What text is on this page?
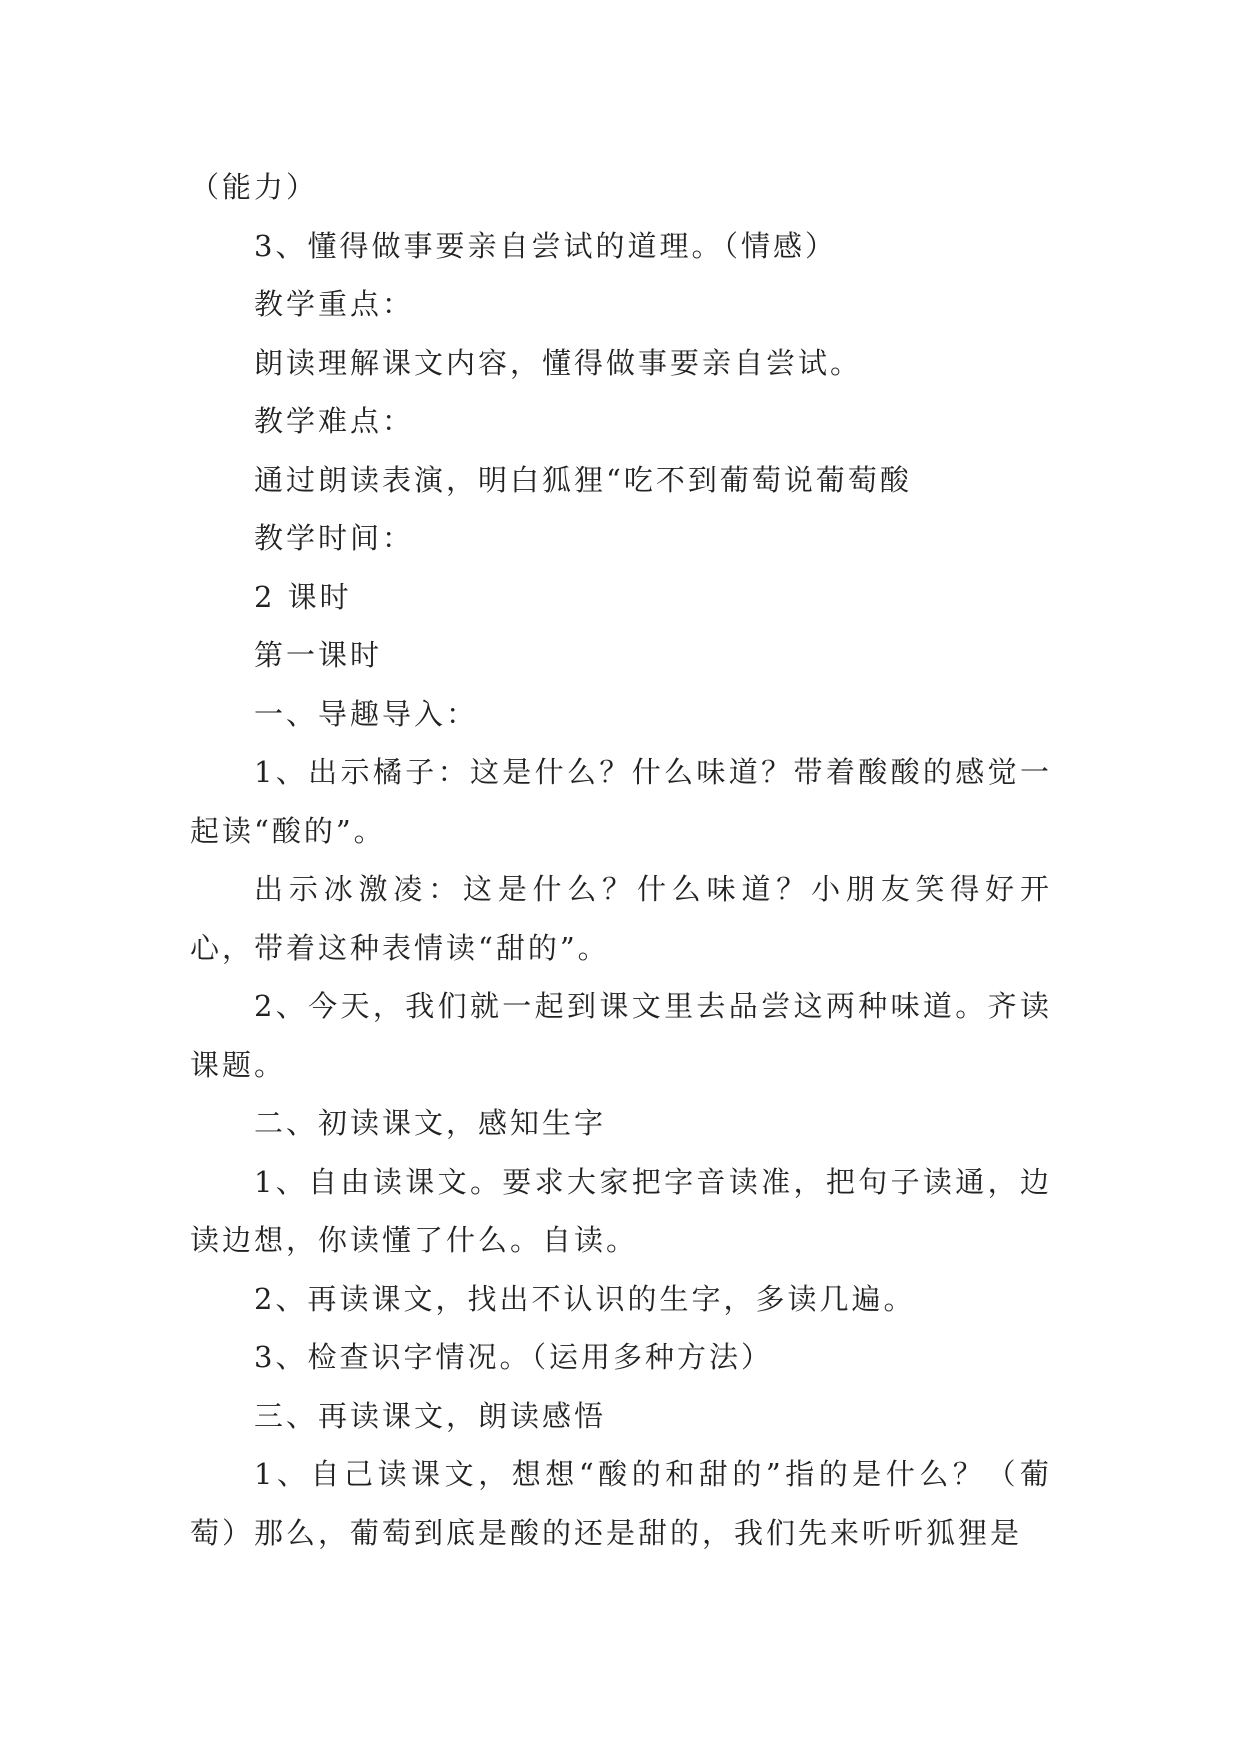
（能力）

3、懂得做事要亲自尝试的道理。（情感）

教学重点：

朗读理解课文内容，懂得做事要亲自尝试。

教学难点：

通过朗读表演，明白狐狸“吃不到葡萄说葡萄酸

教学时间：

2 课时

第一课时

一、导趣导入：

1、出示橘子：这是什么？什么味道？带着酸酸的感觉一起读“酸的”。

出示冰激凌：这是什么？什么味道？小朋友笑得好开心，带着这种表情读“甜的”。

2、今天，我们就一起到课文里去品尝这两种味道。齐读课题。

二、初读课文，感知生字

1、自由读课文。要求大家把字音读准，把句子读通，边读边想，你读懂了什么。自读。

2、再读课文，找出不认识的生字，多读几遍。

3、检查识字情况。（运用多种方法）

三、再读课文，朗读感悟

1、自己读课文，想想“酸的和甜的”指的是什么？（葡萄）那么，葡萄到底是酸的还是甜的，我们先来听听狐狸是
